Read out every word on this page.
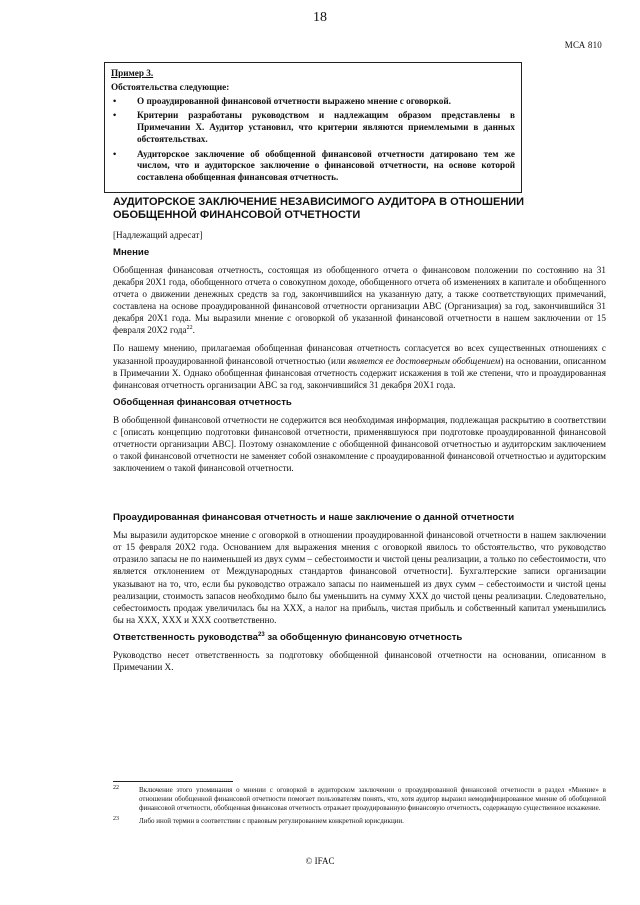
18
МСА 810
Пример 3.
Обстоятельства следующие:
• О проаудированной финансовой отчетности выражено мнение с оговоркой.
• Критерии разработаны руководством и надлежащим образом представлены в Примечании X. Аудитор установил, что критерии являются приемлемыми в данных обстоятельствах.
• Аудиторское заключение об обобщенной финансовой отчетности датировано тем же числом, что и аудиторское заключение о финансовой отчетности, на основе которой составлена обобщенная финансовая отчетность.
АУДИТОРСКОЕ ЗАКЛЮЧЕНИЕ НЕЗАВИСИМОГО АУДИТОРА В ОТНОШЕНИИ ОБОБЩЕННОЙ ФИНАНСОВОЙ ОТЧЕТНОСТИ
[Надлежащий адресат]
Мнение

Обобщенная финансовая отчетность, состоящая из обобщенного отчета о финансовом положении по состоянию на 31 декабря 20X1 года, обобщенного отчета о совокупном доходе, обобщенного отчета об изменениях в капитале и обобщенного отчета о движении денежных средств за год, закончившийся на указанную дату, а также соответствующих примечаний, составлена на основе проаудированной финансовой отчетности организации ABC (Организация) за год, закончившийся 31 декабря 20X1 года. Мы выразили мнение с оговоркой об указанной финансовой отчетности в нашем заключении от 15 февраля 20X2 года$^{22}$.

По нашему мнению, прилагаемая обобщенная финансовая отчетность согласуется во всех существенных отношениях с указанной проаудированной финансовой отчетностью (или является ее достоверным обобщением) на основании, описанном в Примечании X. Однако обобщенная финансовая отчетность содержит искажения в той же степени, что и проаудированная финансовая отчетность организации ABC за год, закончившийся 31 декабря 20X1 года.

Обобщенная финансовая отчетность

В обобщенной финансовой отчетности не содержится вся необходимая информация, подлежащая раскрытию в соответствии с [описать концепцию подготовки финансовой отчетности, применявшуюся при подготовке проаудированной финансовой отчетности организации ABC]. Поэтому ознакомление с обобщенной финансовой отчетностью и аудиторским заключением о такой финансовой отчетности не заменяет собой ознакомление с проаудированной финансовой отчетностью и аудиторским заключением о такой финансовой отчетности.

Проаудированная финансовая отчетность и наше заключение о данной отчетности

Мы выразили аудиторское мнение с оговоркой в отношении проаудированной финансовой отчетности в нашем заключении от 15 февраля 20X2 года. Основанием для выражения мнения с оговоркой явилось то обстоятельство, что руководство отразило запасы не по наименьшей из двух сумм – себестоимости и чистой цены реализации, а только по себестоимости, что является отклонением от Международных стандартов финансовой отчетности]. Бухгалтерские записи организации указывают на то, что, если бы руководство отражало запасы по наименьшей из двух сумм – себестоимости и чистой цены реализации, стоимость запасов необходимо было бы уменьшить на сумму XXX до чистой цены реализации. Следовательно, себестоимость продаж увеличилась бы на XXX, а налог на прибыль, чистая прибыль и собственный капитал уменьшились бы на XXX, XXX и XXX соответственно.

Ответственность руководства$^{23}$ за обобщенную финансовую отчетность

Руководство несет ответственность за подготовку обобщенной финансовой отчетности на основании, описанном в Примечании X.

22	Включение этого упоминания о мнении с оговоркой в аудиторском заключении о проаудированной финансовой отчетности в раздел «Мнение» в отношении обобщенной финансовой отчетности помогает пользователям понять, что, хотя аудитор выразил немодифицированное мнение об обобщенной финансовой отчетности, обобщенная финансовая отчетность отражает проаудированную финансовую отчетность, содержащую существенное искажение.
23	Либо иной термин в соответствии с правовым регулированием конкретной юрисдикции.
© IFAC
